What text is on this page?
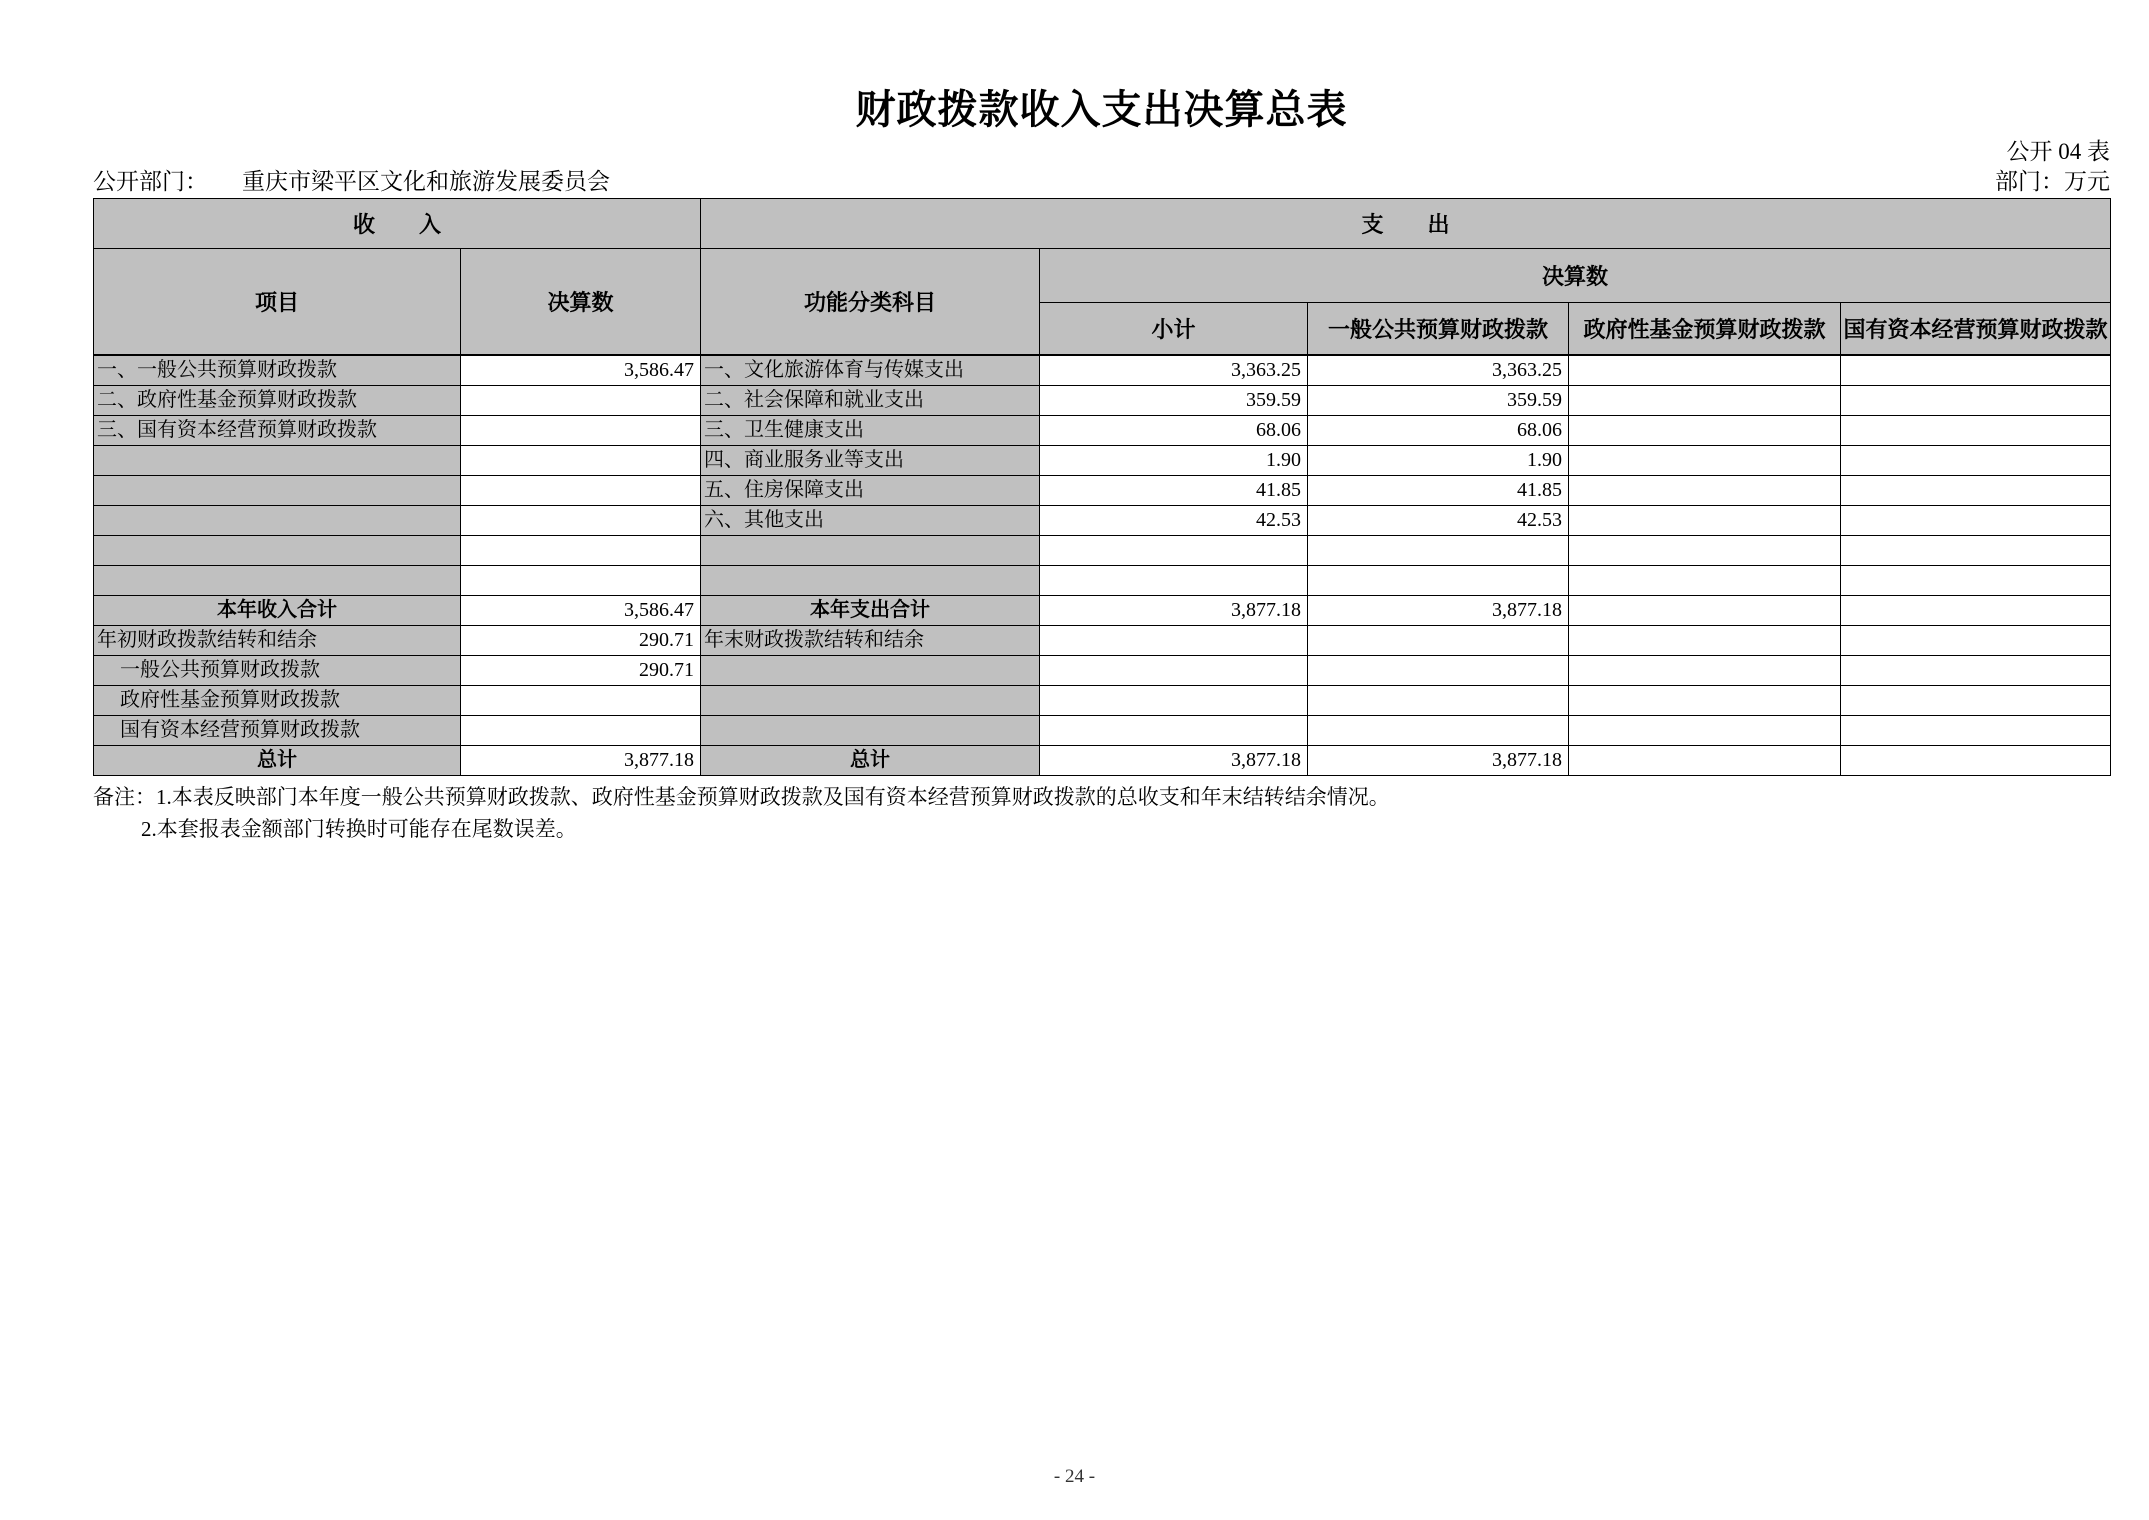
财政拨款收入支出决算总表
公开 04 表
公开部门： 重庆市梁平区文化和旅游发展委员会	部门：万元
收　　入		支　　出				
项目	决算数	功能分类科目	决算数			
			小计	一般公共预算财政拨款	政府性基金预算财政拨款	国有资本经营预算财政拨款
一、一般公共预算财政拨款	3,586.47	一、文化旅游体育与传媒支出	3,363.25	3,363.25		
二、政府性基金预算财政拨款		二、社会保障和就业支出	359.59	359.59		
三、国有资本经营预算财政拨款		三、卫生健康支出	68.06	68.06		
		四、商业服务业等支出	1.90	1.90		
		五、住房保障支出	41.85	41.85		
		六、其他支出	42.53	42.53		

本年收入合计	3,586.47	本年支出合计	3,877.18	3,877.18		
年初财政拨款结转和结余	290.71	年末财政拨款结转和结余				
一般公共预算财政拨款	290.71					
政府性基金预算财政拨款						
国有资本经营预算财政拨款						
总计	3,877.18	总计	3,877.18	3,877.18		
备注：1.本表反映部门本年度一般公共预算财政拨款、政府性基金预算财政拨款及国有资本经营预算财政拨款的总收支和年末结转结余情况。
2.本套报表金额部门转换时可能存在尾数误差。
- 24 -
